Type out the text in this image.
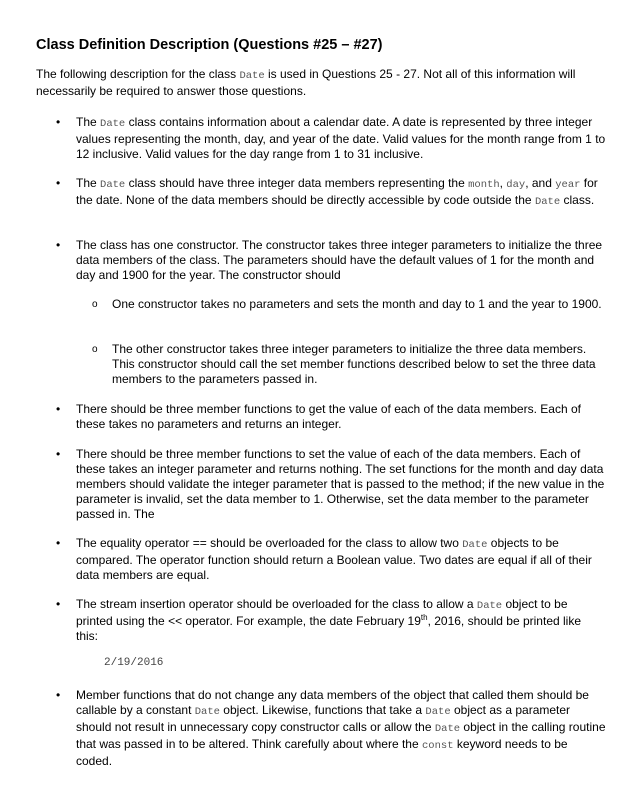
Class Definition Description (Questions #25 – #27)
The following description for the class Date is used in Questions 25 - 27. Not all of this information will necessarily be required to answer those questions.
•	The Date class contains information about a calendar date. A date is represented by three integer values representing the month, day, and year of the date. Valid values for the month range from 1 to 12 inclusive. Valid values for the day range from 1 to 31 inclusive.
•	The Date class should have three integer data members representing the month, day, and year for the date. None of the data members should be directly accessible by code outside the Date class.
•	The class has one constructor. The constructor takes three integer parameters to initialize the three data members of the class. The parameters should have the default values of 1 for the month and day and 1900 for the year. The constructor should
o One constructor takes no parameters and sets the month and day to 1 and the year to 1900.
o The other constructor takes three integer parameters to initialize the three data members. This constructor should call the set member functions described below to set the three data members to the parameters passed in.
•	There should be three member functions to get the value of each of the data members. Each of these takes no parameters and returns an integer.
•	There should be three member functions to set the value of each of the data members. Each of these takes an integer parameter and returns nothing. The set functions for the month and day data members should validate the integer parameter that is passed to the method; if the new value in the parameter is invalid, set the data member to 1. Otherwise, set the data member to the parameter passed in. The
•	The equality operator == should be overloaded for the class to allow two Date objects to be compared. The operator function should return a Boolean value. Two dates are equal if all of their data members are equal.
•	The stream insertion operator should be overloaded for the class to allow a Date object to be printed using the << operator. For example, the date February 19th, 2016, should be printed like this:
2/19/2016
•	Member functions that do not change any data members of the object that called them should be callable by a constant Date object. Likewise, functions that take a Date object as a parameter should not result in unnecessary copy constructor calls or allow the Date object in the calling routine that was passed in to be altered. Think carefully about where the const keyword needs to be coded.
